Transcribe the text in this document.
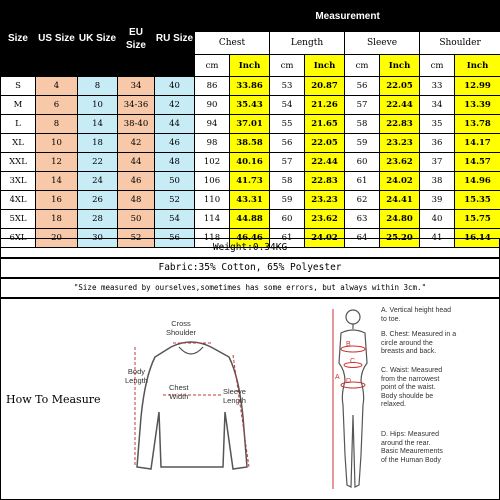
Size	US Size	UK Size	EU Size	RU Size	Measurement							
					Chest		Length		Sleeve		Shoulder	
					cm	Inch	cm	Inch	cm	Inch	cm	Inch
S	4	8	34	40	86	33.86	53	20.87	56	22.05	33	12.99
M	6	10	34-36	42	90	35.43	54	21.26	57	22.44	34	13.39
L	8	14	38-40	44	94	37.01	55	21.65	58	22.83	35	13.78
XL	10	18	42	46	98	38.58	56	22.05	59	23.23	36	14.17
XXL	12	22	44	48	102	40.16	57	22.44	60	23.62	37	14.57
3XL	14	24	46	50	106	41.73	58	22.83	61	24.02	38	14.96
4XL	16	26	48	52	110	43.31	59	23.23	62	24.41	39	15.35
5XL	18	28	50	54	114	44.88	60	23.62	63	24.80	40	15.75
6XL	20	30	52	56	118	46.46	61	24.02	64	25.20	41	16.14
Weight:0.34KG
Fabric:35% Cotton, 65% Polyester
"Size measured by ourselves,sometimes has some errors, but always within 3cm."
How To Measure
Cross
Shoulder
Body
Length
Chest
Width
Sleeve
Length
B
C
D
A
A. Vertical height head
to toe.
B. Chest: Measured in a
circle around the
breasts and back.
C. Waist: Measured
from the narrowest
point of the waist.
Body shoulde be
relaxed.
D. Hips: Measured
around the rear.
Basic Meaurements
of the Human Body
